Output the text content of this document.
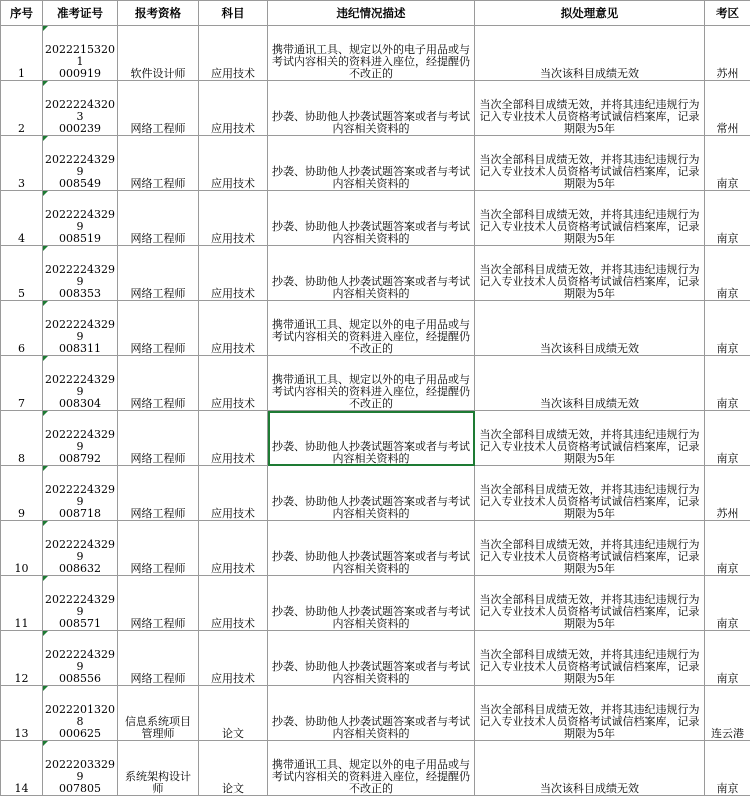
序号	准考证号	报考资格	科目	违纪情况描述	拟处理意见	考区
1	20222153201
000919	软件设计师	应用技术	携带通讯工具、规定以外的电子用品或与考试内容相关的资料进入座位，经提醒仍不改正的	当次该科目成绩无效	苏州
2	20222243203
000239	网络工程师	应用技术	抄袭、协助他人抄袭试题答案或者与考试内容相关资料的	当次全部科目成绩无效，并将其违纪违规行为记入专业技术人员资格考试诚信档案库，记录期限为5年	常州
3	20222243299
008549	网络工程师	应用技术	抄袭、协助他人抄袭试题答案或者与考试内容相关资料的	当次全部科目成绩无效，并将其违纪违规行为记入专业技术人员资格考试诚信档案库，记录期限为5年	南京
4	20222243299
008519	网络工程师	应用技术	抄袭、协助他人抄袭试题答案或者与考试内容相关资料的	当次全部科目成绩无效，并将其违纪违规行为记入专业技术人员资格考试诚信档案库，记录期限为5年	南京
5	20222243299
008353	网络工程师	应用技术	抄袭、协助他人抄袭试题答案或者与考试内容相关资料的	当次全部科目成绩无效，并将其违纪违规行为记入专业技术人员资格考试诚信档案库，记录期限为5年	南京
6	20222243299
008311	网络工程师	应用技术	携带通讯工具、规定以外的电子用品或与考试内容相关的资料进入座位，经提醒仍不改正的	当次该科目成绩无效	南京
7	20222243299
008304	网络工程师	应用技术	携带通讯工具、规定以外的电子用品或与考试内容相关的资料进入座位，经提醒仍不改正的	当次该科目成绩无效	南京
8	20222243299
008792	网络工程师	应用技术	抄袭、协助他人抄袭试题答案或者与考试内容相关资料的	当次全部科目成绩无效，并将其违纪违规行为记入专业技术人员资格考试诚信档案库，记录期限为5年	南京
9	20222243299
008718	网络工程师	应用技术	抄袭、协助他人抄袭试题答案或者与考试内容相关资料的	当次全部科目成绩无效，并将其违纪违规行为记入专业技术人员资格考试诚信档案库，记录期限为5年	苏州
10	20222243299
008632	网络工程师	应用技术	抄袭、协助他人抄袭试题答案或者与考试内容相关资料的	当次全部科目成绩无效，并将其违纪违规行为记入专业技术人员资格考试诚信档案库，记录期限为5年	南京
11	20222243299
008571	网络工程师	应用技术	抄袭、协助他人抄袭试题答案或者与考试内容相关资料的	当次全部科目成绩无效，并将其违纪违规行为记入专业技术人员资格考试诚信档案库，记录期限为5年	南京
12	20222243299
008556	网络工程师	应用技术	抄袭、协助他人抄袭试题答案或者与考试内容相关资料的	当次全部科目成绩无效，并将其违纪违规行为记入专业技术人员资格考试诚信档案库，记录期限为5年	南京
13	20222013208
000625	信息系统项目管理师	论文	抄袭、协助他人抄袭试题答案或者与考试内容相关资料的	当次全部科目成绩无效，并将其违纪违规行为记入专业技术人员资格考试诚信档案库，记录期限为5年	连云港
14	20222033299
007805	系统架构设计师	论文	携带通讯工具、规定以外的电子用品或与考试内容相关的资料进入座位，经提醒仍不改正的	当次该科目成绩无效	南京
